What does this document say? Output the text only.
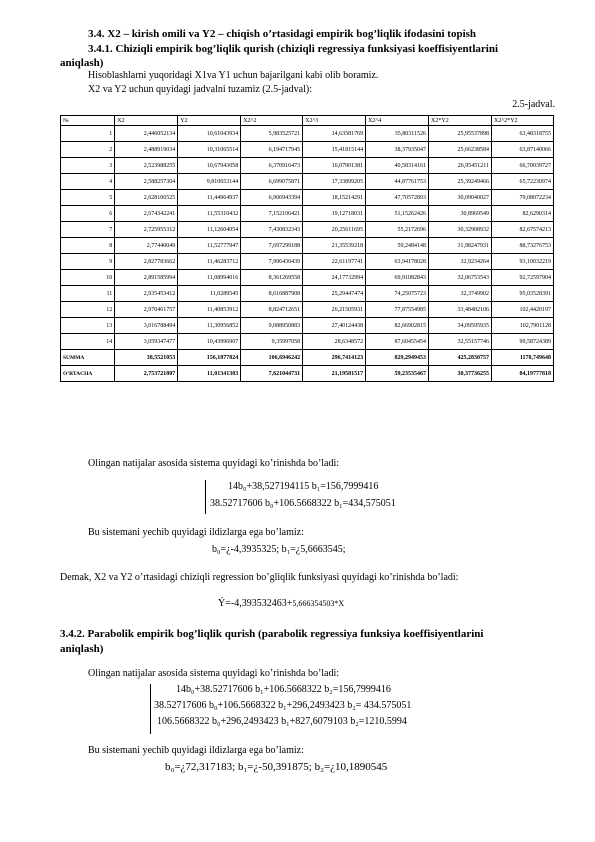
3.4. X2 – kirish omili va Y2 – chiqish o’rtasidagi empirik bog’liqlik ifodasini topish
3.4.1. Chiziqli empirik bog’liqlik qurish (chiziqli regressiya funksiyasi koeffisiyentlarini
aniqlash)
Hisoblashlarni yuqoridagi X1va Y1 uchun bajarilgani kabi olib boramiz.
X2 va Y2 uchun quyidagi jadvalni tuzamiz (2.5-jadval):
2.5-jadval.
№	X2	Y2	X2^2	X2^3	X2^4	X2*Y2	X2^2*Y2
1	2,446052134	10,61043934	5,983525721	14,63581769	35,80311526	25,95537898	63,48318755
2	2,488919034	10,31065514	6,194717945	15,41815144	38,37935047	25,66238584	63,87140066
3	2,523988255	10,67943058	6,370916473	16,07901381	40,58314161	26,95451211	66,70039727
4	2,588257304	9,810653144	6,699075871	17,33899205	44,87761753	25,39249466	65,72230974
5	2,628106525	11,44964937	6,906943394	18,15214291	47,70572893	30,09040027	79,08072234
6	2,674342241	11,55310432	7,152106421	19,12718031	51,15262426	30,8969549	82,6290314
7	2,725955312	11,12604054	7,430832343	20,25611695	55,2172696	30,32908932	82,67574213
8	2,77440049	11,52777947	7,697299188	21,35539218	59,2484148	31,98247931	88,73276753
9	2,827783662	11,46283712	7,996430439	22,61197741	63,94178028	32,9234264	93,10032219
10	2,891585994	11,08994016	8,361269558	24,17732994	69,91082843	32,06753543	92,72597904
11	2,935453412	11,0289545	8,616887908	25,29447474	74,25075723	32,3749902	95,03528391
12	2,970461757	11,40853912	8,824712651	26,21505931	77,87554985	33,48482106	102,4420197
13	3,016788494	11,30956852	9,088950883	27,40124438	82,66902815	34,09595935	102,7901128
14	3,059347477	10,43996907	9,35997058	28,6348572	87,60455454	32,55157746	99,58724389
SUMMA	38,5521053	156,1877824	106,6946242	296,7414123	829,2949453	425,2830757	1178,749648
O’RTACHA	2,753721807	11,01341303	7,621044731	21,19581517	59,23535467	30,37736255	84,19777818
Olingan natijalar asosida sistema quyidagi ko’rinishda bo’ladi:
14b₀+38,527194115 b₁=156,7999416
38.52717606 b₀+106.5668322 b₁=434,575051
Bu sistemani yechib quyidagi ildizlarga ega bo’lamiz:
b₀=¿-4,3935325; b₁=¿5,6663545;
Demak, X2 va Y2 o’rtasidagi chiziqli regression bo’gliqlik funksiyasi quyidagi ko’rinishda bo’ladi:
Ý=-4,393532463+5,666354503*X
3.4.2. Parabolik empirik bog’liqlik qurish (parabolik regressiya funksiya koeffisiyentlarini
aniqlash)
Olingan natijalar asosida sistema quyidagi ko’rinishda bo’ladi:
14b₀+38.52717606 b₁+106.5668322 b₂=156,7999416
38.52717606 b₀+106.5668322 b₁+296,2493423 b₂= 434.575051
106.5668322 b₀+296,2493423 b₁+827,6079103 b₂=1210.5994
Bu sistemani yechib quyidagi ildizlarga ega bo’lamiz:
b₀=¿72,317183; b₁=¿-50,391875; b₂=¿10,1890545
